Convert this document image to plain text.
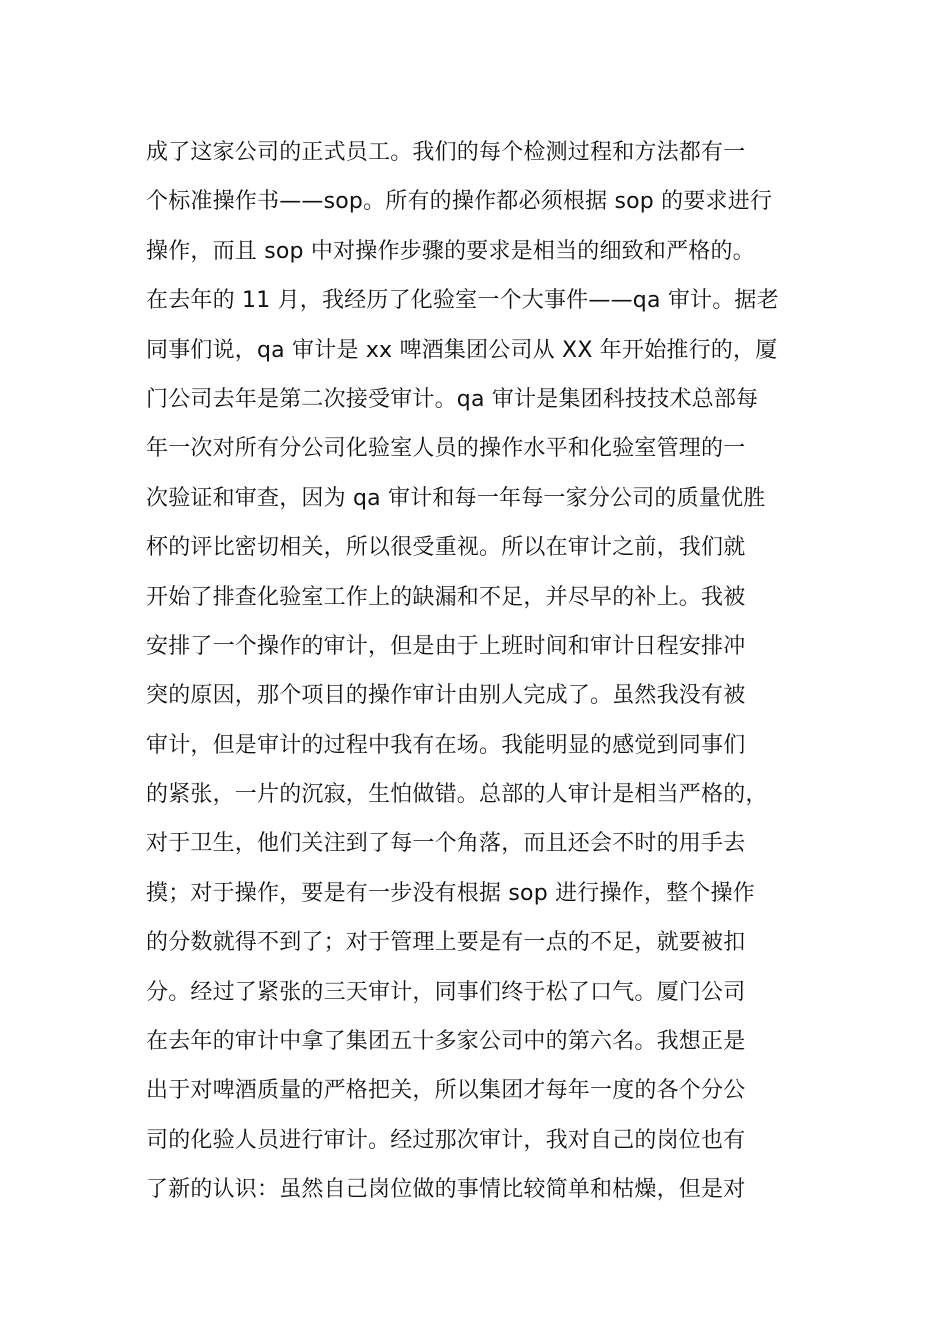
成了这家公司的正式员工。我们的每个检测过程和方法都有一
个标准操作书——sop。所有的操作都必须根据 sop 的要求进行
操作，而且 sop 中对操作步骤的要求是相当的细致和严格的。
在去年的 11 月，我经历了化验室一个大事件——qa 审计。据老
同事们说，qa 审计是 xx 啤酒集团公司从 XX 年开始推行的，厦
门公司去年是第二次接受审计。qa 审计是集团科技技术总部每
年一次对所有分公司化验室人员的操作水平和化验室管理的一
次验证和审查，因为 qa 审计和每一年每一家分公司的质量优胜
杯的评比密切相关，所以很受重视。所以在审计之前，我们就
开始了排查化验室工作上的缺漏和不足，并尽早的补上。我被
安排了一个操作的审计，但是由于上班时间和审计日程安排冲
突的原因，那个项目的操作审计由别人完成了。虽然我没有被
审计，但是审计的过程中我有在场。我能明显的感觉到同事们
的紧张，一片的沉寂，生怕做错。总部的人审计是相当严格的，
对于卫生，他们关注到了每一个角落，而且还会不时的用手去
摸；对于操作，要是有一步没有根据 sop 进行操作，整个操作
的分数就得不到了；对于管理上要是有一点的不足，就要被扣
分。经过了紧张的三天审计，同事们终于松了口气。厦门公司
在去年的审计中拿了集团五十多家公司中的第六名。我想正是
出于对啤酒质量的严格把关，所以集团才每年一度的各个分公
司的化验人员进行审计。经过那次审计，我对自己的岗位也有
了新的认识：虽然自己岗位做的事情比较简单和枯燥，但是对
